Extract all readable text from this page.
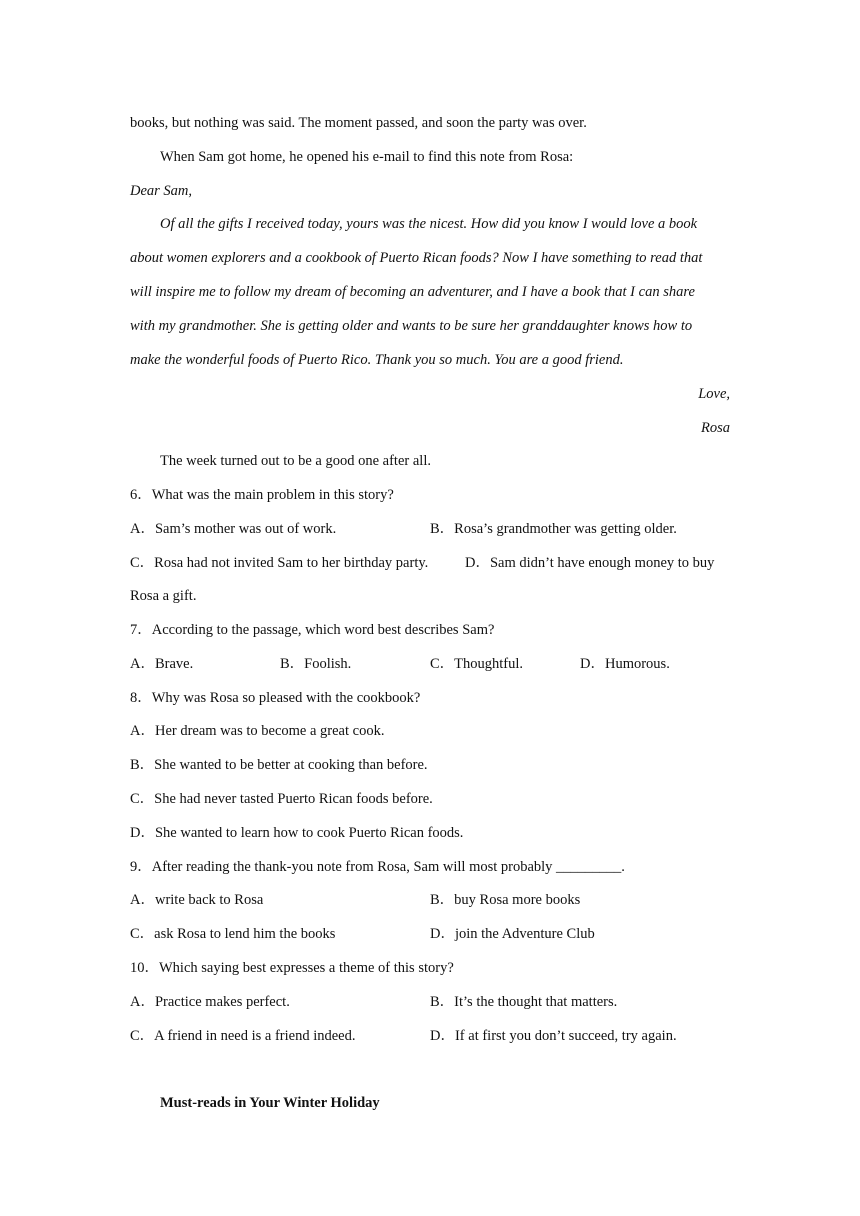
books, but nothing was said. The moment passed, and soon the party was over.
When Sam got home, he opened his e-mail to find this note from Rosa:
Dear Sam,
Of all the gifts I received today, yours was the nicest. How did you know I would love a book
about women explorers and a cookbook of Puerto Rican foods? Now I have something to read that
will inspire me to follow my dream of becoming an adventurer, and I have a book that I can share
with my grandmother. She is getting older and wants to be sure her granddaughter knows how to
make the wonderful foods of Puerto Rico. Thank you so much. You are a good friend.
Love,
Rosa
The week turned out to be a good one after all.
6．What was the main problem in this story?
A．Sam’s mother was out of work.	B．Rosa’s grandmother was getting older.
C．Rosa had not invited Sam to her birthday party.	D．Sam didn’t have enough money to buy
Rosa a gift.
7．According to the passage, which word best describes Sam?
A．Brave.	B．Foolish.	C．Thoughtful.	D．Humorous.
8．Why was Rosa so pleased with the cookbook?
A．Her dream was to become a great cook.
B．She wanted to be better at cooking than before.
C．She had never tasted Puerto Rican foods before.
D．She wanted to learn how to cook Puerto Rican foods.
9．After reading the thank-you note from Rosa, Sam will most probably _________.
A．write back to Rosa	B．buy Rosa more books
C．ask Rosa to lend him the books	D．join the Adventure Club
10．Which saying best expresses a theme of this story?
A．Practice makes perfect.	B．It’s the thought that matters.
C．A friend in need is a friend indeed.	D．If at first you don’t succeed, try again.
Must-reads in Your Winter Holiday
